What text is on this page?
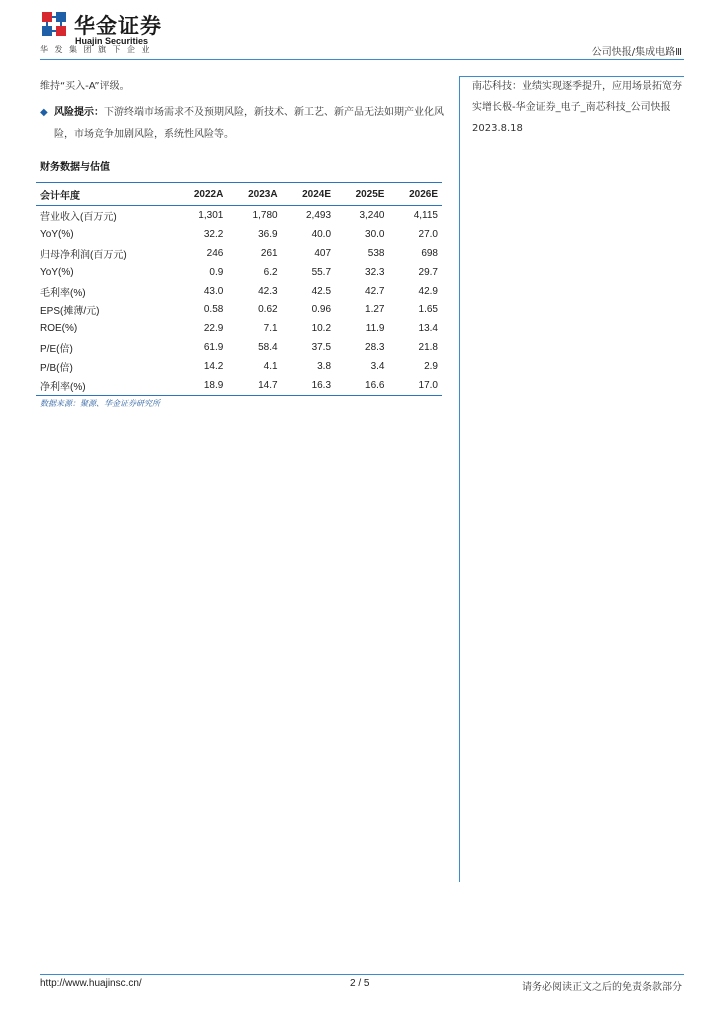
华金证券
Huajin Securities
华发集团旗下企业	公司快报/集成电路Ⅲ

维持“买入-A”评级。

◆ 风险提示：下游终端市场需求不及预期风险，新技术、新工艺、新产品无法如期产业化风险，市场竞争加剧风险，系统性风险等。

财务数据与估值
会计年度	2022A	2023A	2024E	2025E	2026E
营业收入(百万元)	1,301	1,780	2,493	3,240	4,115
YoY(%)	32.2	36.9	40.0	30.0	27.0
归母净利润(百万元)	246	261	407	538	698
YoY(%)	0.9	6.2	55.7	32.3	29.7
毛利率(%)	43.0	42.3	42.5	42.7	42.9
EPS(摊薄/元)	0.58	0.62	0.96	1.27	1.65
ROE(%)	22.9	7.1	10.2	11.9	13.4
P/E(倍)	61.9	58.4	37.5	28.3	21.8
P/B(倍)	14.2	4.1	3.8	3.4	2.9
净利率(%)	18.9	14.7	16.3	16.6	17.0
数据来源：聚源、华金证券研究所
南芯科技：业绩实现逐季提升，应用场景拓宽夯实增长极-华金证券_电子_南芯科技_公司快报 2023.8.18
http://www.huajinsc.cn/	2 / 5	请务必阅读正文之后的免责条款部分
